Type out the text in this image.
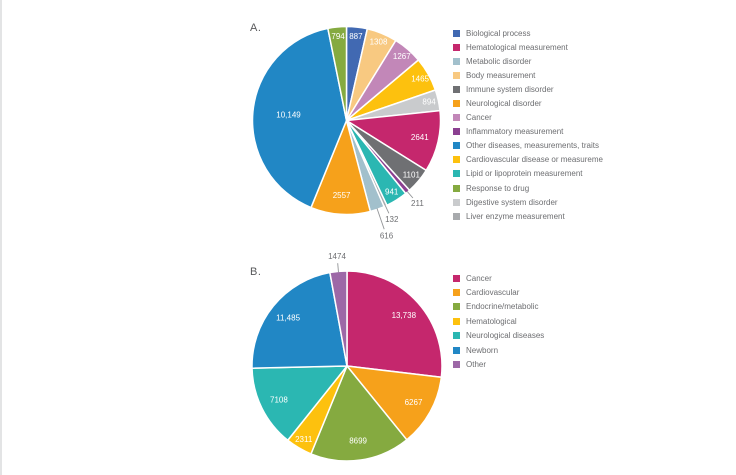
A.
B.
887
1308
1267
1465
894
2641
1101
211
941
132
616
2557
10,149
794
13,738
6267
8699
2311
7108
11,485
1474
Biological process
Hematological measurement
Metabolic disorder
Body measurement
Immune system disorder
Neurological disorder
Cancer
Inflammatory measurement
Other diseases, measurements, traits
Cardiovascular disease or measureme
Lipid or lipoprotein measurement
Response to drug
Digestive system disorder
Liver enzyme measurement
Cancer
Cardiovascular
Endocrine/metabolic
Hematological
Neurological diseases
Newborn
Other
